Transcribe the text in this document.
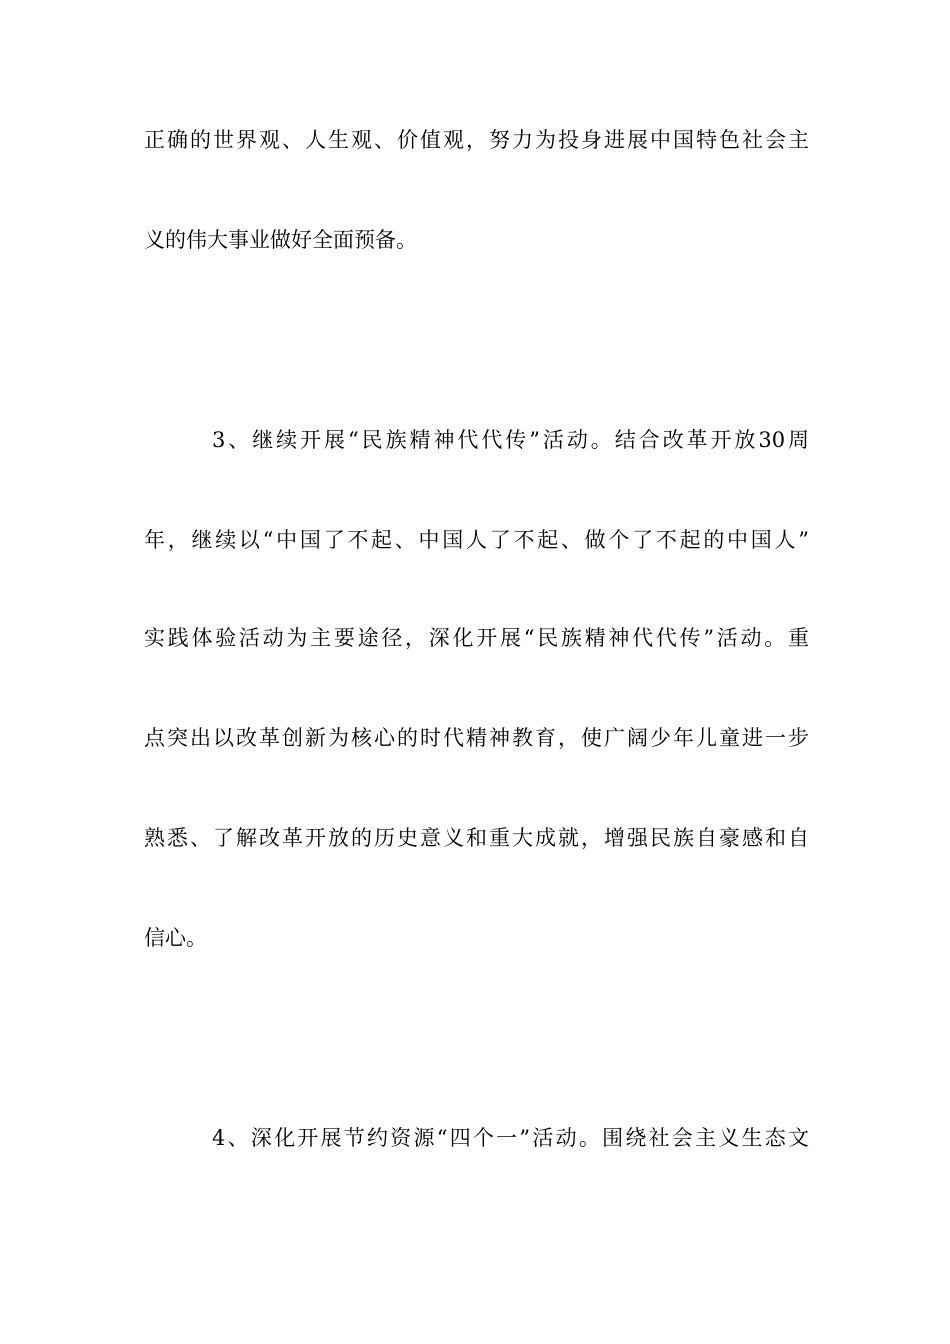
正确的世界观、人生观、价值观，努力为投身进展中国特色社会主
义的伟大事业做好全面预备。
3、继续开展“民族精神代代传”活动。结合改革开放30周
年，继续以“中国了不起、中国人了不起、做个了不起的中国人”
实践体验活动为主要途径，深化开展“民族精神代代传”活动。重
点突出以改革创新为核心的时代精神教育，使广阔少年儿童进一步
熟悉、了解改革开放的历史意义和重大成就，增强民族自豪感和自
信心。
4、深化开展节约资源“四个一”活动。围绕社会主义生态文
